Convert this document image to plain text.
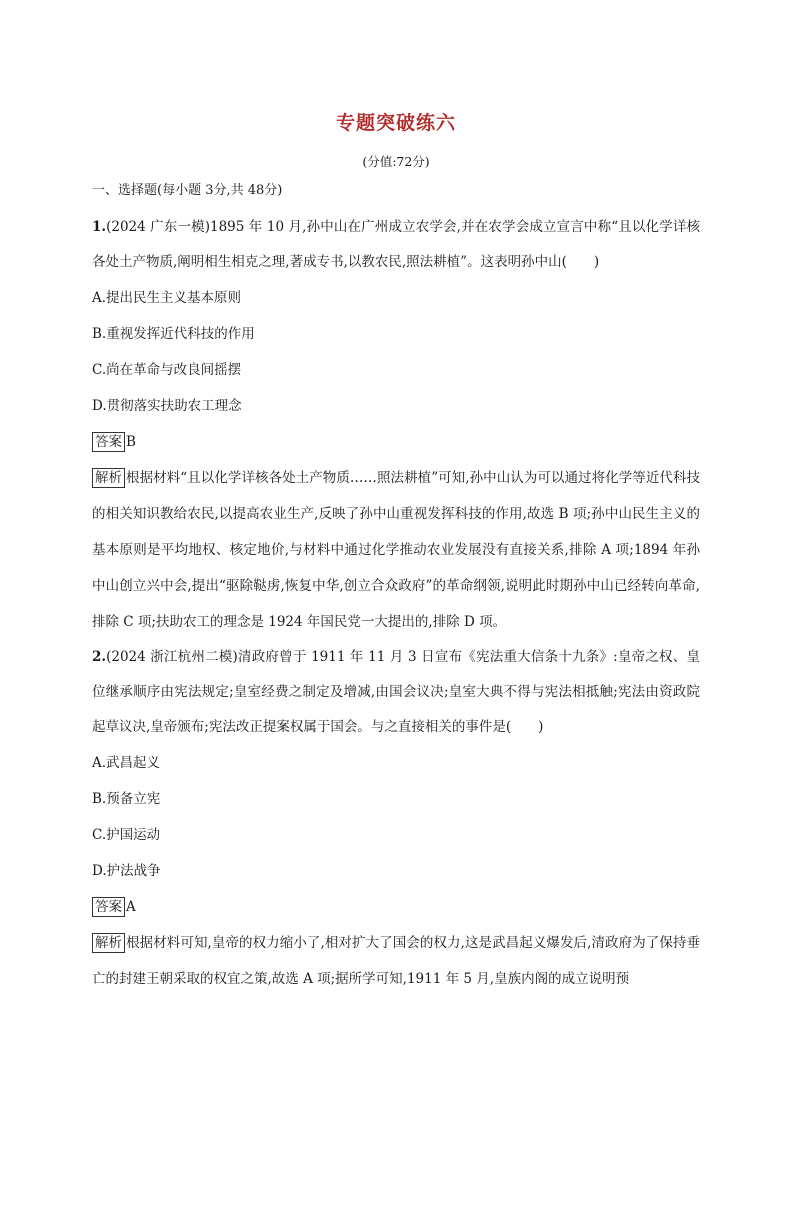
专题突破练六
(分值:72分)
一、选择题(每小题 3分,共 48分)
1.(2024 广东一模)1895 年 10 月,孙中山在广州成立农学会,并在农学会成立宣言中称“且以化学详核各处土产物质,阐明相生相克之理,著成专书,以教农民,照法耕植”。这表明孙中山(　　)
A.提出民生主义基本原则
B.重视发挥近代科技的作用
C.尚在革命与改良间摇摆
D.贯彻落实扶助农工理念
答案 B
解析 根据材料“且以化学详核各处土产物质……照法耕植”可知,孙中山认为可以通过将化学等近代科技的相关知识教给农民,以提高农业生产,反映了孙中山重视发挥科技的作用,故选 B 项;孙中山民生主义的基本原则是平均地权、核定地价,与材料中通过化学推动农业发展没有直接关系,排除 A 项;1894 年孙中山创立兴中会,提出“驱除鞑虏,恢复中华,创立合众政府”的革命纲领,说明此时期孙中山已经转向革命,排除 C 项;扶助农工的理念是 1924 年国民党一大提出的,排除 D 项。
2.(2024 浙江杭州二模)清政府曾于 1911 年 11 月 3 日宣布《宪法重大信条十九条》:皇帝之权、皇位继承顺序由宪法规定;皇室经费之制定及增减,由国会议决;皇室大典不得与宪法相抵触;宪法由资政院起草议决,皇帝颁布;宪法改正提案权属于国会。与之直接相关的事件是(　　)
A.武昌起义
B.预备立宪
C.护国运动
D.护法战争
答案 A
解析 根据材料可知,皇帝的权力缩小了,相对扩大了国会的权力,这是武昌起义爆发后,清政府为了保持垂亡的封建王朝采取的权宜之策,故选 A 项;据所学可知,1911 年 5 月,皇族内阁的成立说明预
